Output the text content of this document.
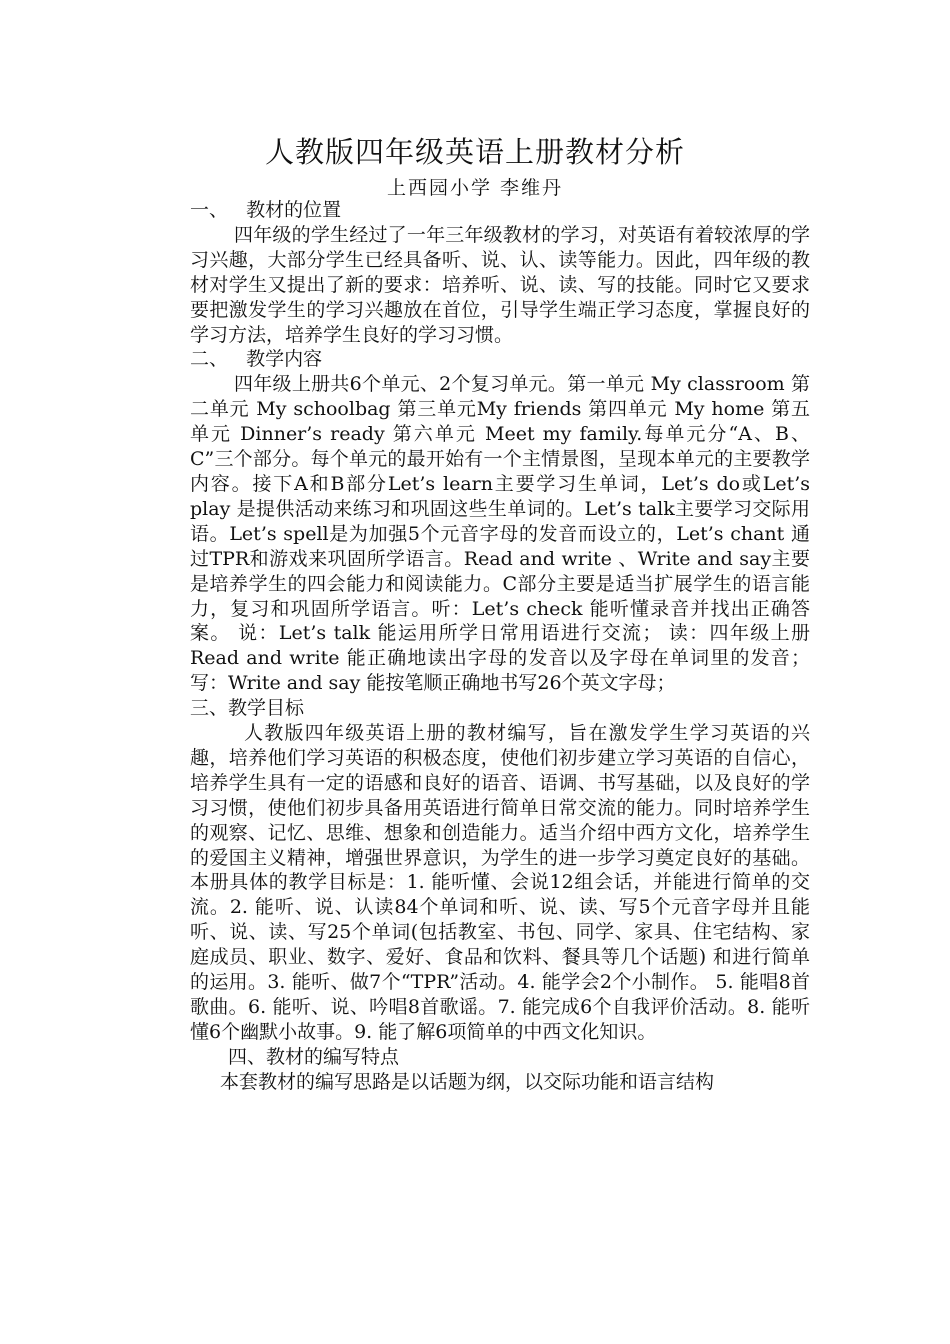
人教版四年级英语上册教材分析
上西园小学 李维丹

一、   教材的位置

四年级的学生经过了一年三年级教材的学习，对英语有着较浓厚的学习兴趣，大部分学生已经具备听、说、认、读等能力。因此，四年级的教材对学生又提出了新的要求：培养听、说、读、写的技能。同时它又要求要把激发学生的学习兴趣放在首位，引导学生端正学习态度，掌握良好的学习方法，培养学生良好的学习习惯。

二、   教学内容

四年级上册共6个单元、2个复习单元。第一单元 My classroom 第二单元 My schoolbag 第三单元My friends 第四单元 My home 第五单元 Dinner’s ready 第六单元 Meet my family.每单元分“A、B、C”三个部分。每个单元的最开始有一个主情景图，呈现本单元的主要教学内容。接下A和B部分Let’s learn主要学习生单词，Let’s do或Let’s play 是提供活动来练习和巩固这些生单词的。Let’s talk主要学习交际用语。Let’s spell是为加强5个元音字母的发音而设立的，Let’s chant 通过TPR和游戏来巩固所学语言。Read and write 、Write and say主要是培养学生的四会能力和阅读能力。C部分主要是适当扩展学生的语言能力，复习和巩固所学语言。听：Let’s check 能听懂录音并找出正确答案。 说：Let’s talk 能运用所学日常用语进行交流； 读：四年级上册Read and write 能正确地读出字母的发音以及字母在单词里的发音；写：Write and say 能按笔顺正确地书写26个英文字母；

三、教学目标

人教版四年级英语上册的教材编写，旨在激发学生学习英语的兴趣，培养他们学习英语的积极态度，使他们初步建立学习英语的自信心，培养学生具有一定的语感和良好的语音、语调、书写基础，以及良好的学习习惯，使他们初步具备用英语进行简单日常交流的能力。同时培养学生的观察、记忆、思维、想象和创造能力。适当介绍中西方文化，培养学生的爱国主义精神，增强世界意识，为学生的进一步学习奠定良好的基础。 本册具体的教学目标是：1. 能听懂、会说12组会话，并能进行简单的交流。2. 能听、说、认读84个单词和听、说、读、写5个元音字母并且能听、说、读、写25个单词(包括教室、书包、同学、家具、住宅结构、家庭成员、职业、数字、爱好、食品和饮料、餐具等几个话题) 和进行简单的运用。3. 能听、做7个“TPR”活动。4. 能学会2个小制作。 5. 能唱8首歌曲。6. 能听、说、吟唱8首歌谣。7. 能完成6个自我评价活动。8. 能听懂6个幽默小故事。9. 能了解6项简单的中西文化知识。

四、教材的编写特点

本套教材的编写思路是以话题为纲，以交际功能和语言结构
